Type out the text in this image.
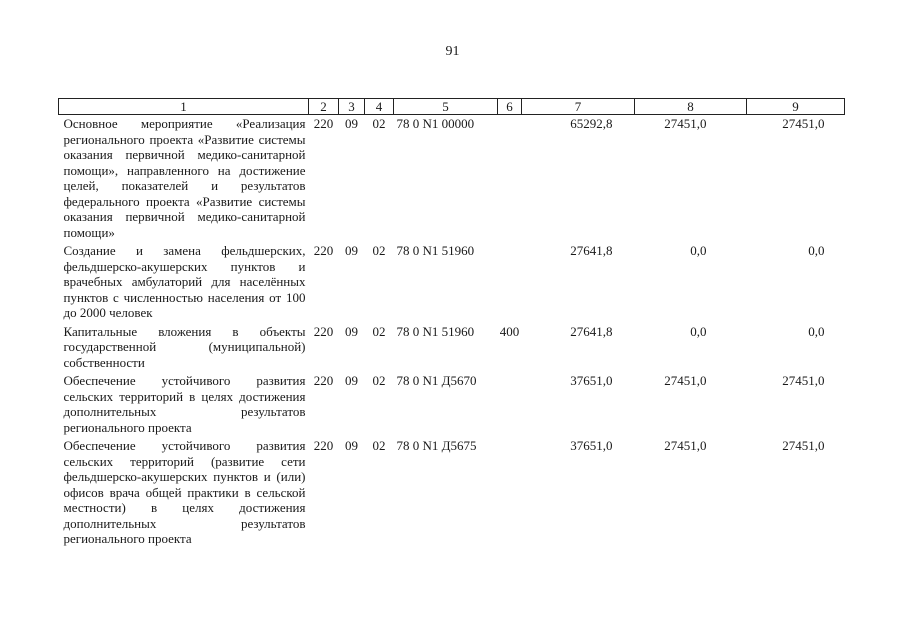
91
1	2	3	4	5	6	7	8	9
Основное мероприятие «Реализация регионального проекта «Развитие системы оказания первичной медико-санитарной помощи», направленного на достижение целей, показателей и результатов федерального проекта «Развитие системы оказания первичной медико-санитарной помощи»	220	09	02	78 0 N1 00000		65292,8	27451,0	27451,0
Создание и замена фельдшерских, фельдшерско-акушерских пунктов и врачебных амбулаторий для населённых пунктов с численностью населения от 100 до 2000 человек	220	09	02	78 0 N1 51960		27641,8	0,0	0,0
Капитальные вложения в объекты государственной (муниципальной) собственности	220	09	02	78 0 N1 51960	400	27641,8	0,0	0,0
Обеспечение устойчивого развития сельских территорий в целях достижения дополнительных результатов регионального проекта	220	09	02	78 0 N1 Д5670		37651,0	27451,0	27451,0
Обеспечение устойчивого развития сельских территорий (развитие сети фельдшерско-акушерских пунктов и (или) офисов врача общей практики в сельской местности) в целях достижения дополнительных результатов регионального проекта	220	09	02	78 0 N1 Д5675		37651,0	27451,0	27451,0
